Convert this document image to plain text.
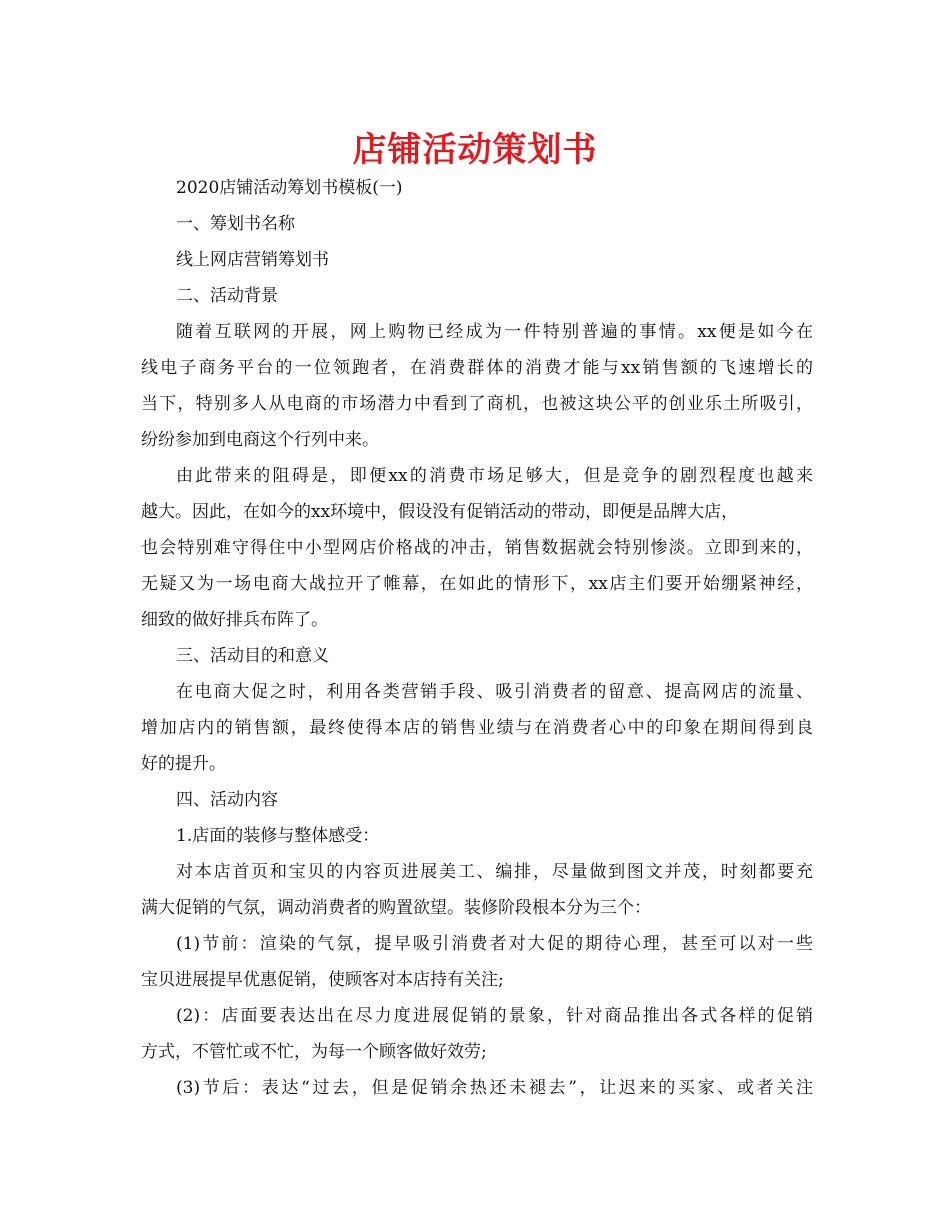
店铺活动策划书
2020店铺活动筹划书模板(一)
一、筹划书名称
线上网店营销筹划书
二、活动背景
随着互联网的开展，网上购物已经成为一件特别普遍的事情。xx便是如今在
线电子商务平台的一位领跑者，在消费群体的消费才能与xx销售额的飞速增长的
当下，特别多人从电商的市场潜力中看到了商机，也被这块公平的创业乐土所吸引，
纷纷参加到电商这个行列中来。
由此带来的阻碍是，即便xx的消费市场足够大，但是竞争的剧烈程度也越来
越大。因此，在如今的xx环境中，假设没有促销活动的带动，即便是品牌大店，
也会特别难守得住中小型网店价格战的冲击，销售数据就会特别惨淡。立即到来的，
无疑又为一场电商大战拉开了帷幕，在如此的情形下，xx店主们要开始绷紧神经，
细致的做好排兵布阵了。
三、活动目的和意义
在电商大促之时，利用各类营销手段、吸引消费者的留意、提高网店的流量、
增加店内的销售额，最终使得本店的销售业绩与在消费者心中的印象在期间得到良
好的提升。
四、活动内容
1.店面的装修与整体感受：
对本店首页和宝贝的内容页进展美工、编排，尽量做到图文并茂，时刻都要充
满大促销的气氛，调动消费者的购置欲望。装修阶段根本分为三个：
(1)节前：渲染的气氛，提早吸引消费者对大促的期待心理，甚至可以对一些
宝贝进展提早优惠促销，使顾客对本店持有关注;
(2)：店面要表达出在尽力度进展促销的景象，针对商品推出各式各样的促销
方式，不管忙或不忙，为每一个顾客做好效劳;
(3)节后：表达“过去，但是促销余热还未褪去”，让迟来的买家、或者关注
